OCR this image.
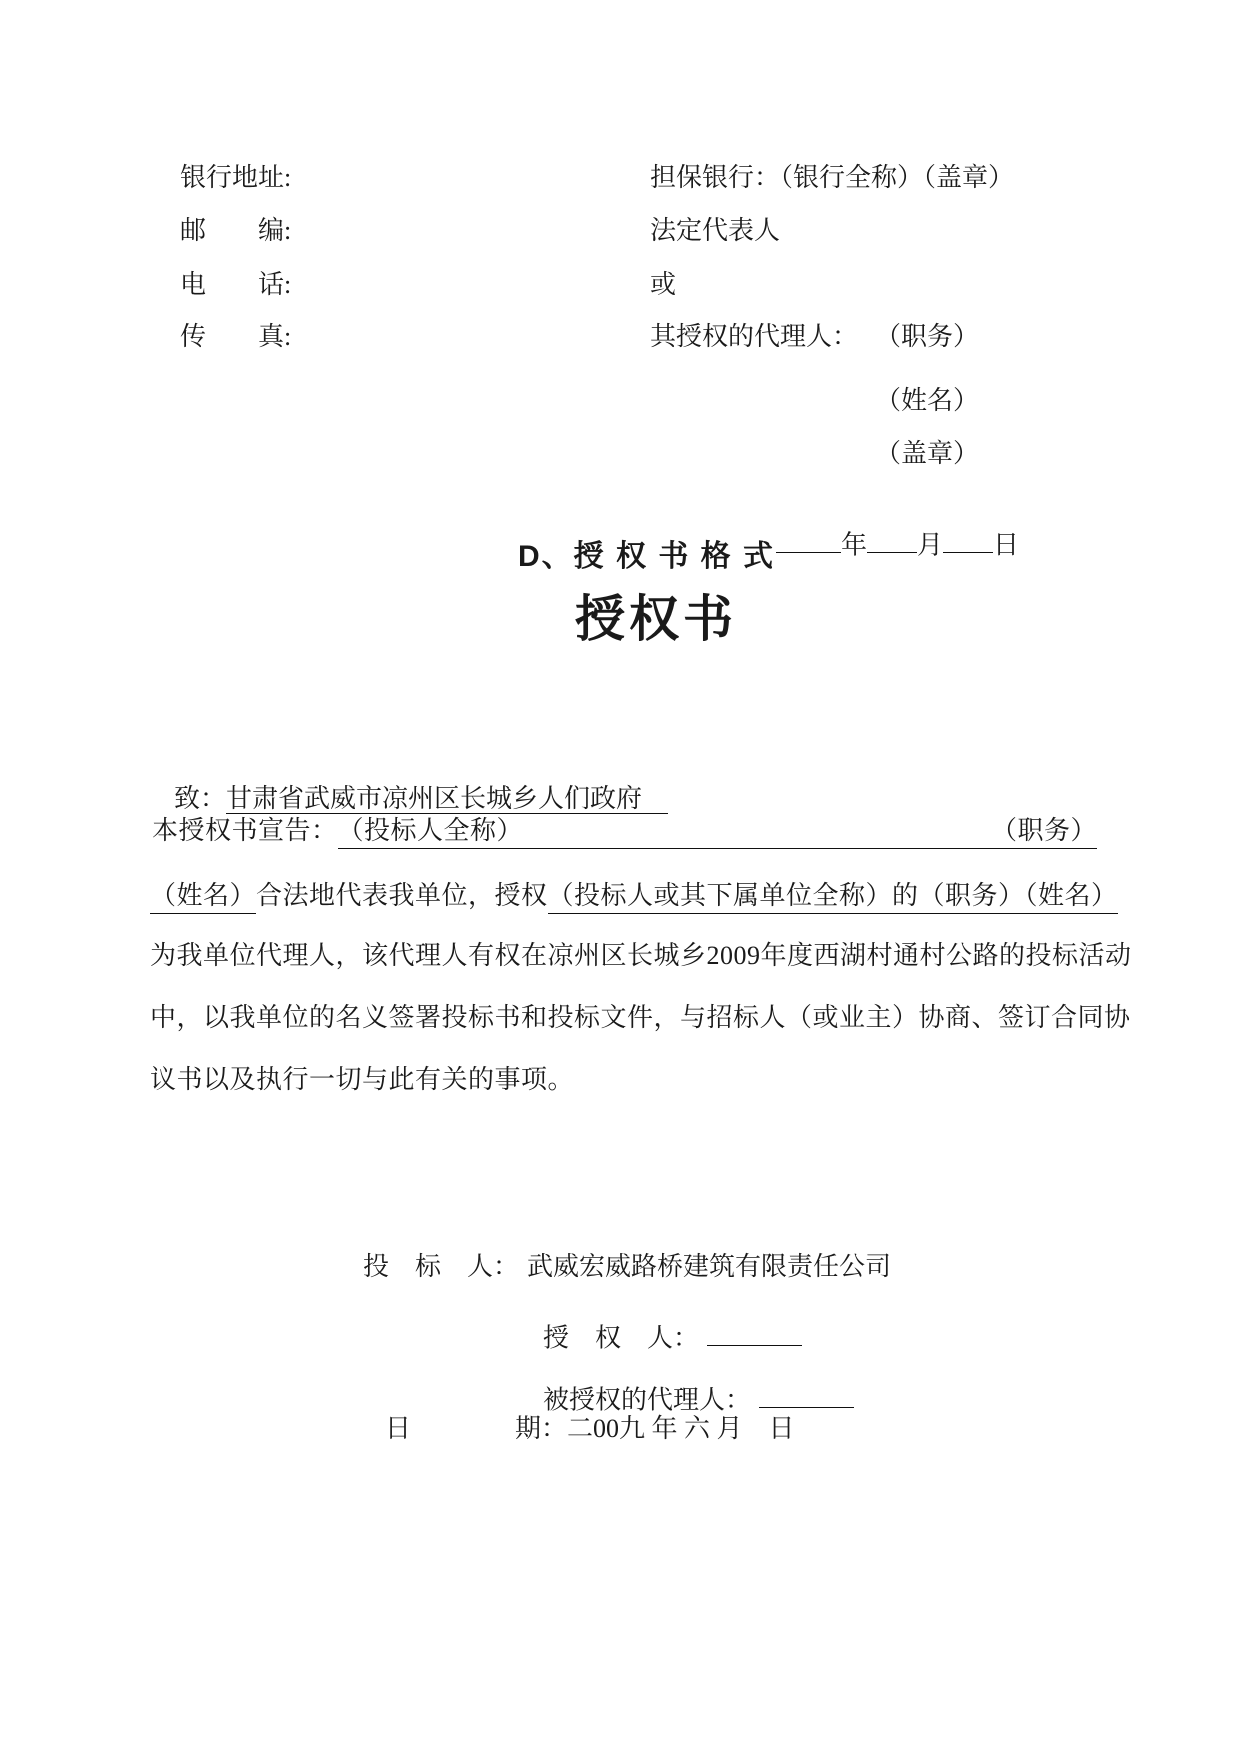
银行地址:
邮　　编:
电　　话:
传　　真:
担保银行：（银行全称）（盖章）
法定代表人
或
其授权的代理人： （职务）
（姓名）
（盖章）

年 月 日

D、授 权 书 格 式
授权书

致：甘肃省武威市凉州区长城乡人们政府

本授权书宣告： （投标人全称）	（职务）
（姓名） 合法地代表我单位，授权 （投标人或其下属单位全称）的（职务）（姓名）
为我单位代理人，该代理人有权在凉州区长城乡2009年度西湖村通村公路的投标活动
中，以我单位的名义签署投标书和投标文件，与招标人（或业主）协商、签订合同协
议书以及执行一切与此有关的事项。

投　标　人： 武威宏威路桥建筑有限责任公司

授　权　人：

被授权的代理人：

日　　　　期：二00九 年 六 月　日
